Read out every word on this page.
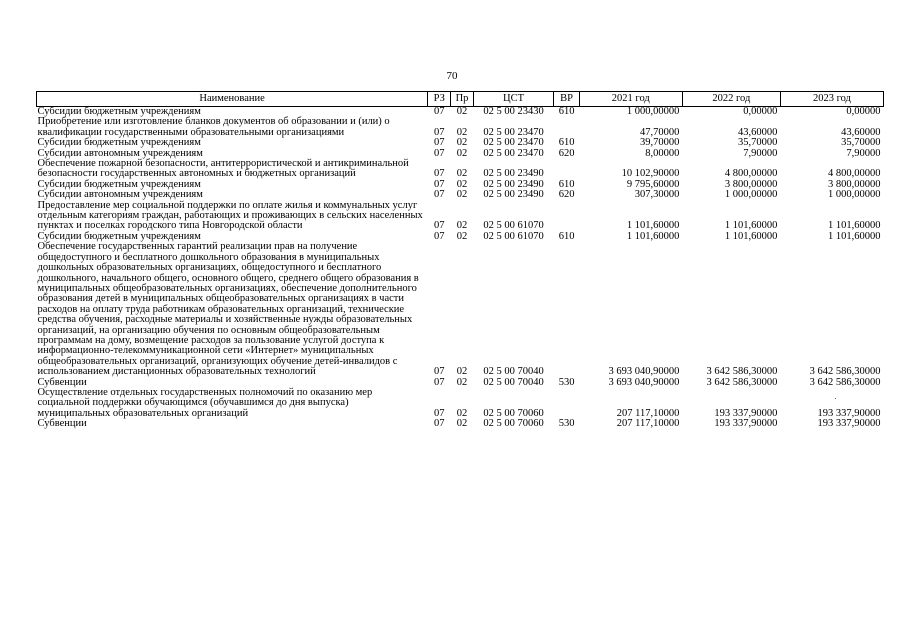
70
Наименование	РЗ	Пр	ЦСТ	ВР	2021 год	2022 год	2023 год
Субсидии бюджетным учреждениям	07	02	02 5 00 23430	610	1 000,00000	0,00000	0,00000
Приобретение или изготовление бланков документов об образовании и (или) о квалификации государственными образовательными организациями	07	02	02 5 00 23470		47,70000	43,60000	43,60000
Субсидии бюджетным учреждениям	07	02	02 5 00 23470	610	39,70000	35,70000	35,70000
Субсидии автономным учреждениям	07	02	02 5 00 23470	620	8,00000	7,90000	7,90000
Обеспечение пожарной безопасности, антитеррористической и антикриминальной безопасности государственных автономных и бюджетных организаций	07	02	02 5 00 23490		10 102,90000	4 800,00000	4 800,00000
Субсидии бюджетным учреждениям	07	02	02 5 00 23490	610	9 795,60000	3 800,00000	3 800,00000
Субсидии автономным учреждениям	07	02	02 5 00 23490	620	307,30000	1 000,00000	1 000,00000
Предоставление мер социальной поддержки по оплате жилья и коммунальных услуг отдельным категориям граждан, работающих и проживающих в сельских населенных пунктах и поселках городского типа Новгородской области	07	02	02 5 00 61070		1 101,60000	1 101,60000	1 101,60000
Субсидии бюджетным учреждениям	07	02	02 5 00 61070	610	1 101,60000	1 101,60000	1 101,60000
Обеспечение государственных гарантий реализации прав на получение общедоступного и бесплатного дошкольного образования в муниципальных дошкольных образовательных организациях, общедоступного и бесплатного дошкольного, начального общего, основного общего, среднего общего образования в муниципальных общеобразовательных организациях, обеспечение дополнительного образования детей в муниципальных общеобразовательных организациях в части расходов на оплату труда работникам образовательных организаций, технические средства обучения, расходные материалы и хозяйственные нужды образовательных организаций, на организацию обучения по основным общеобразовательным программам на дому, возмещение расходов за пользование услугой доступа к информационно-телекоммуникационной сети «Интернет» муниципальных общеобразовательных организаций, организующих обучение детей-инвалидов с использованием дистанционных образовательных технологий	07	02	02 5 00 70040		3 693 040,90000	3 642 586,30000	3 642 586,30000
Субвенции	07	02	02 5 00 70040	530	3 693 040,90000	3 642 586,30000	3 642 586,30000
Осуществление отдельных государственных полномочий по оказанию мер социальной поддержки обучающимся (обучавшимся до дня выпуска) муниципальных образовательных организаций	07	02	02 5 00 70060		207 117,10000	193 337,90000	193 337,90000
Субвенции	07	02	02 5 00 70060	530	207 117,10000	193 337,90000	193 337,90000
